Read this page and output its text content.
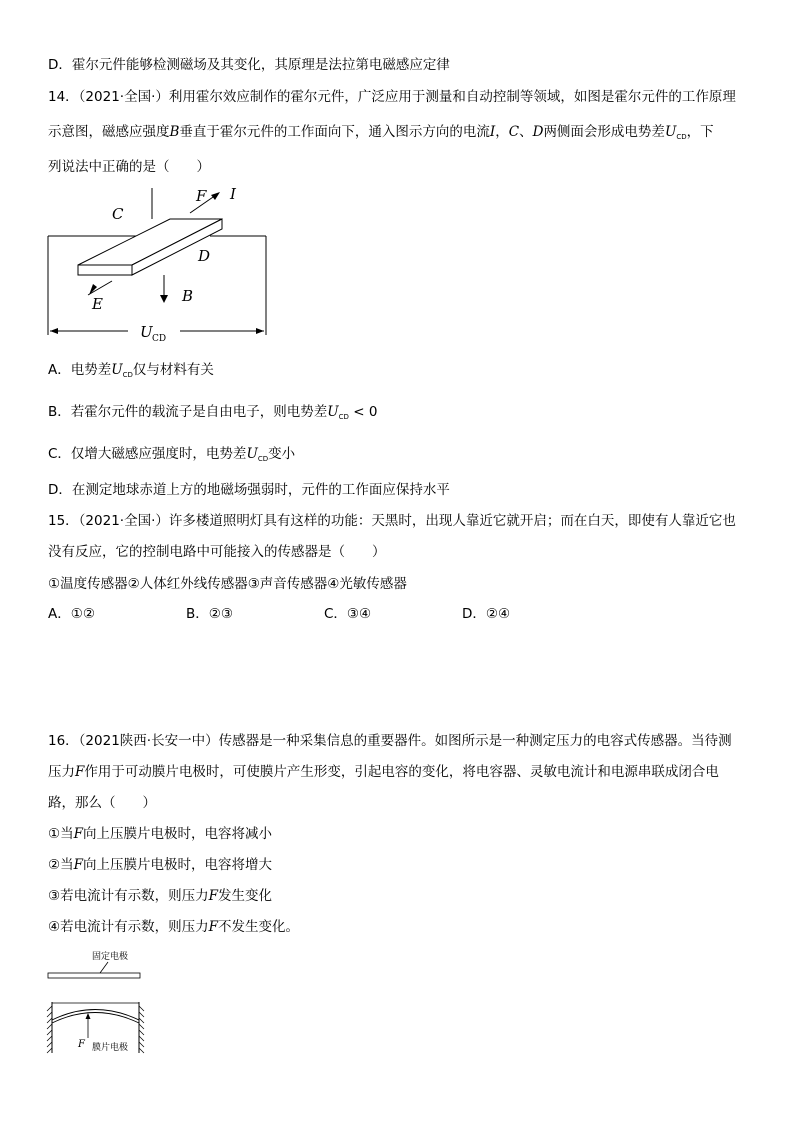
D．霍尔元件能够检测磁场及其变化，其原理是法拉第电磁感应定律
14．（2021·全国·）利用霍尔效应制作的霍尔元件，广泛应用于测量和自动控制等领域，如图是霍尔元件的工作原理
示意图，磁感应强度B垂直于霍尔元件的工作面向下，通入图示方向的电流I，C、D两侧面会形成电势差$U_{CD}$，下
列说法中正确的是（　　）
C
F I
D
E	B
U CD
A．电势差$U_{CD}$仅与材料有关
B．若霍尔元件的载流子是自由电子，则电势差$U_{CD} < 0$
C．仅增大磁感应强度时，电势差$U_{CD}$变小
D．在测定地球赤道上方的地磁场强弱时，元件的工作面应保持水平
15．（2021·全国·）许多楼道照明灯具有这样的功能：天黑时，出现人靠近它就开启；而在白天，即使有人靠近它也
没有反应，它的控制电路中可能接入的传感器是（　　）
①温度传感器②人体红外线传感器③声音传感器④光敏传感器
A．①②	B．②③	C．③④	D．②④
16．（2021陕西·长安一中）传感器是一种采集信息的重要器件。如图所示是一种测定压力的电容式传感器。当待测
压力F作用于可动膜片电极时，可使膜片产生形变，引起电容的变化，将电容器、灵敏电流计和电源串联成闭合电
路，那么（　　）
①当F向上压膜片电极时，电容将减小
②当F向上压膜片电极时，电容将增大
③若电流计有示数，则压力F发生变化
④若电流计有示数，则压力F不发生变化。
固定电极
F 膜片电极
